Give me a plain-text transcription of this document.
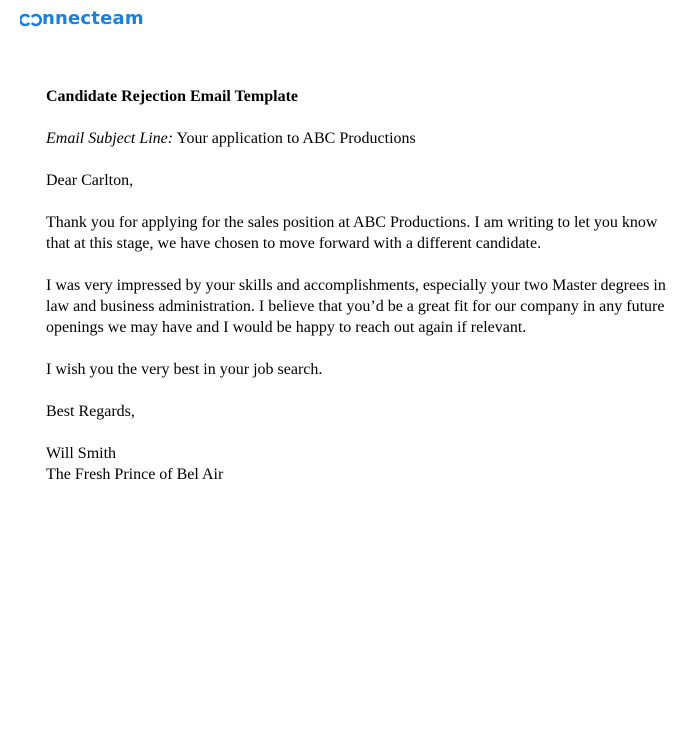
nnecteam

Candidate Rejection Email Template

Email Subject Line: Your application to ABC Productions

Dear Carlton,

Thank you for applying for the sales position at ABC Productions. I am writing to let you know that at this stage, we have chosen to move forward with a different candidate.

I was very impressed by your skills and accomplishments, especially your two Master degrees in law and business administration. I believe that you’d be a great fit for our company in any future openings we may have and I would be happy to reach out again if relevant.

I wish you the very best in your job search.

Best Regards,

Will Smith
The Fresh Prince of Bel Air
